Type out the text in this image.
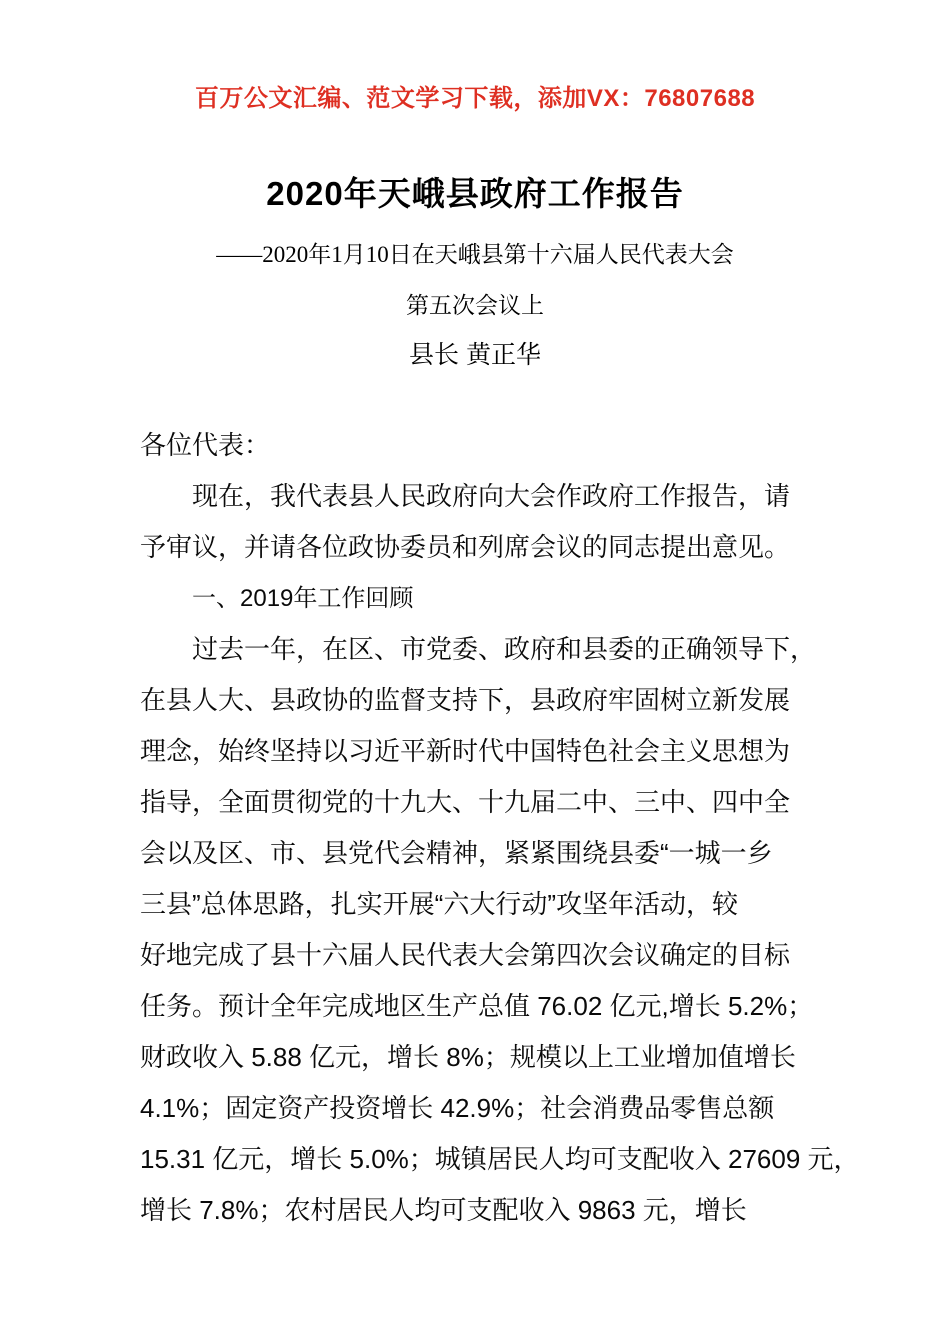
百万公文汇编、范文学习下载，添加VX：76807688
2020年天峨县政府工作报告
——2020年1月10日在天峨县第十六届人民代表大会
第五次会议上
县长 黄正华
各位代表：
现在，我代表县人民政府向大会作政府工作报告，请
予审议，并请各位政协委员和列席会议的同志提出意见。
一、2019年工作回顾
过去一年，在区、市党委、政府和县委的正确领导下，
在县人大、县政协的监督支持下，县政府牢固树立新发展
理念，始终坚持以习近平新时代中国特色社会主义思想为
指导，全面贯彻党的十九大、十九届二中、三中、四中全
会以及区、市、县党代会精神，紧紧围绕县委“一城一乡
三县”总体思路，扎实开展“六大行动”攻坚年活动，较
好地完成了县十六届人民代表大会第四次会议确定的目标
任务。预计全年完成地区生产总值 76.02 亿元,增长 5.2%；
财政收入 5.88 亿元，增长 8%；规模以上工业增加值增长
4.1%；固定资产投资增长 42.9%；社会消费品零售总额
15.31 亿元，增长 5.0%；城镇居民人均可支配收入 27609 元，
增长 7.8%；农村居民人均可支配收入 9863 元，增长
